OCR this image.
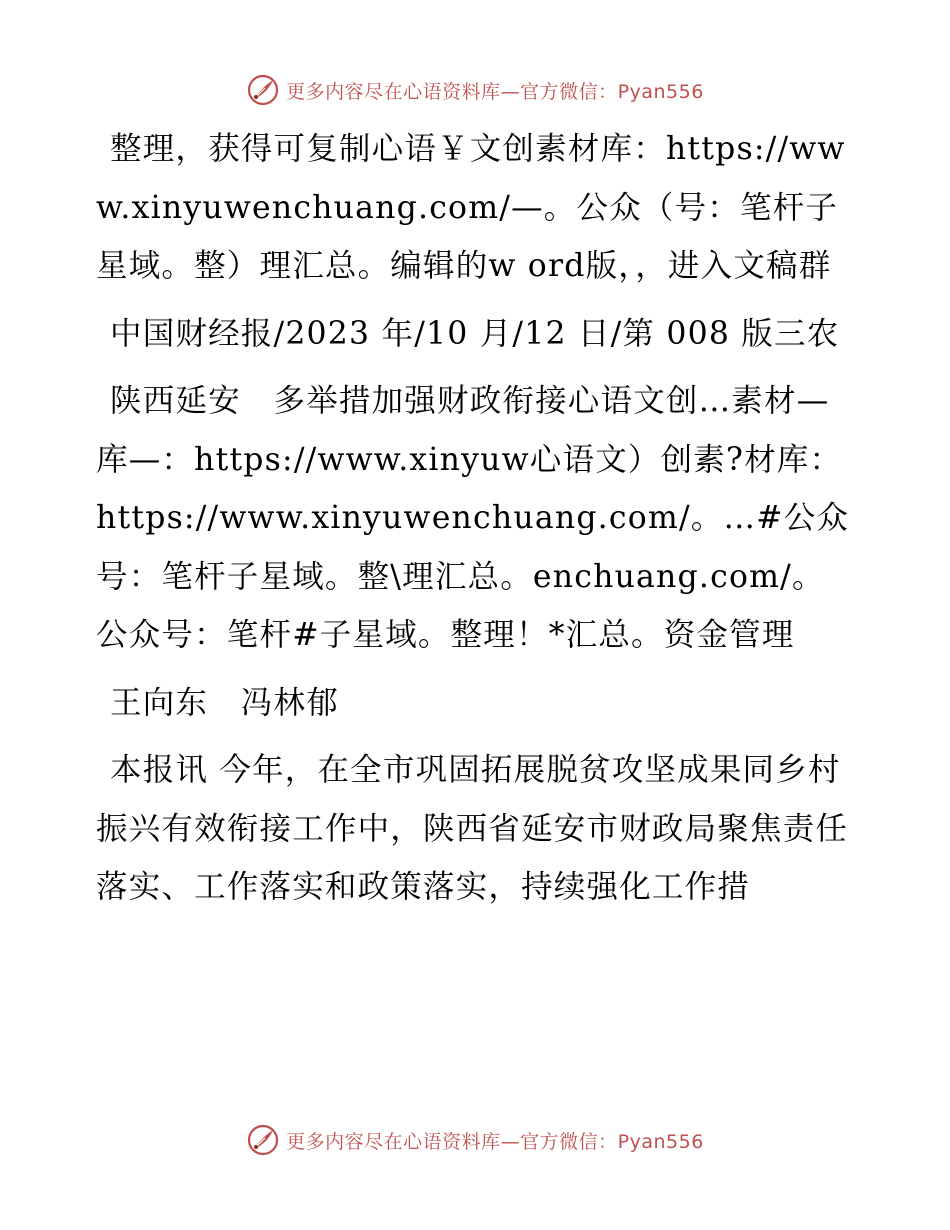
更多内容尽在心语资料库—官方微信：Pyan556

整理，获得可复制心语￥文创素材库：https://www.xinyuwenchuang.com/—。公众（号：笔杆子星域。整）理汇总。编辑的w ord版，，进入文稿群

中国财经报/2023 年/10 月/12 日/第 008 版三农

陕西延安　多举措加强财政衔接心语文创…素材—库—：https://www.xinyuw心语文）创素?材库：https://www.xinyuwenchuang.com/。…#公众号：笔杆子星域。整\理汇总。enchuang.com/。公众号：笔杆#子星域。整理！*汇总。资金管理

王向东　冯林郁

本报讯 今年，在全市巩固拓展脱贫攻坚成果同乡村振兴有效衔接工作中，陕西省延安市财政局聚焦责任落实、工作落实和政策落实，持续强化工作措

更多内容尽在心语资料库—官方微信：Pyan556
